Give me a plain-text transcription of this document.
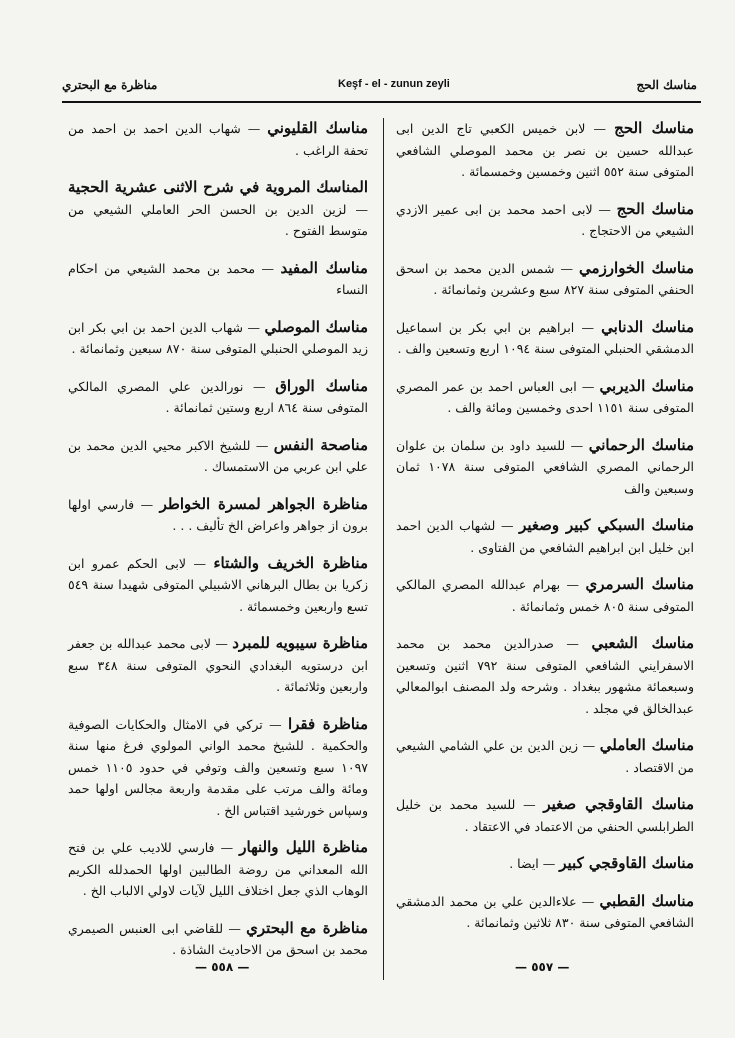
مناظرة مع البحتري	Keşf - el - zunun zeyli	مناسك الحج
مناسك الحج — لابن خميس الكعبي تاج الدين ابى عبدالله حسين بن نصر بن محمد الموصلي الشافعي المتوفى سنة ٥٥٢ اثنين وخمسين وخمسمائة .
مناسك الحج — لابى احمد محمد بن ابى عمير الازدي الشيعي من الاحتجاج .
مناسك الخوارزمي — شمس الدين محمد بن اسحق الحنفي المتوفى سنة ٨٢٧ سبع وعشرين وثمانمائة .
مناسك الدنابي — ابراهيم بن ابي بكر بن اسماعيل الدمشقي الحنبلي المتوفى سنة ١٠٩٤ اربع وتسعين والف .
مناسك الديربي — ابى العباس احمد بن عمر المصري المتوفى سنة ١١٥١ احدى وخمسين ومائة والف .
مناسك الرحماني — للسيد داود بن سلمان بن علوان الرحماني المصري الشافعي المتوفى سنة ١٠٧٨ ثمان وسبعين والف
مناسك السبكي كبير وصغير — لشهاب الدين احمد ابن خليل ابن ابراهيم الشافعي من الفتاوى .
مناسك السرمري — بهرام عبدالله المصري المالكي المتوفى سنة ٨٠٥ خمس وثمانمائة .
مناسك الشعبي — صدرالدين محمد بن محمد الاسفرايني الشافعي المتوفى سنة ٧٩٢ اثنين وتسعين وسبعمائة مشهور ببغداد . وشرحه ولد المصنف ابوالمعالي عبدالخالق في مجلد .
مناسك العاملي — زين الدين بن علي الشامي الشيعي من الاقتصاد .
مناسك القاوقجي صغير — للسيد محمد بن خليل الطرابلسي الحنفي من الاعتماد في الاعتقاد .
مناسك القاوقجي كبير — ايضا .
مناسك القطبي — علاءالدين علي بن محمد الدمشقي الشافعي المتوفى سنة ٨٣٠ ثلاثين وثمانمائة .
مناسك القليوني — شهاب الدين احمد بن احمد من تحفة الراغب .
المناسك المروية في شرح الاثنى عشرية الحجية — لزين الدين بن الحسن الحر العاملي الشيعي من متوسط الفتوح .
مناسك المفيد — محمد بن محمد الشيعي من احكام النساء
مناسك الموصلي — شهاب الدين احمد بن ابي بكر ابن زيد الموصلي الحنبلي المتوفى سنة ٨٧٠ سبعين وثمانمائة .
مناسك الوراق — نورالدين علي المصري المالكي المتوفى سنة ٨٦٤ اربع وستين ثمانمائة .
مناصحة النفس — للشيخ الاكبر محيي الدين محمد بن علي ابن عربي من الاستمساك .
مناظرة الجواهر لمسرة الخواطر — فارسي اولها برون از جواهر واعراض الخ تأليف . . .
مناظرة الخريف والشتاء — لابى الحكم عمرو ابن زكريا بن بطال البرهاني الاشبيلي المتوفى شهيدا سنة ٥٤٩ تسع واربعين وخمسمائة .
مناظرة سيبويه للمبرد — لابى محمد عبدالله بن جعفر ابن درستويه البغدادي النحوي المتوفى سنة ٣٤٨ سبع واربعين وثلاثمائة .
مناظرة فقرا — تركي في الامثال والحكايات الصوفية والحكمية . للشيخ محمد الواني المولوي فرغ منها سنة ١٠٩٧ سبع وتسعين والف وتوفي في حدود ١١٠٥ خمس ومائة والف مرتب على مقدمة واربعة مجالس اولها حمد وسپاس خورشيد اقتباس الخ .
مناظرة الليل والنهار — فارسي للاديب علي بن فتح الله المعداني من روضة الطالبين اولها الحمدلله الكريم الوهاب الذي جعل اختلاف الليل لآيات لاولي الالباب الخ .
مناظرة مع البحتري — للقاضي ابى العنبس الصيمري محمد بن اسحق من الاحاديث الشاذة .
— ٥٥٨ —	— ٥٥٧ —
